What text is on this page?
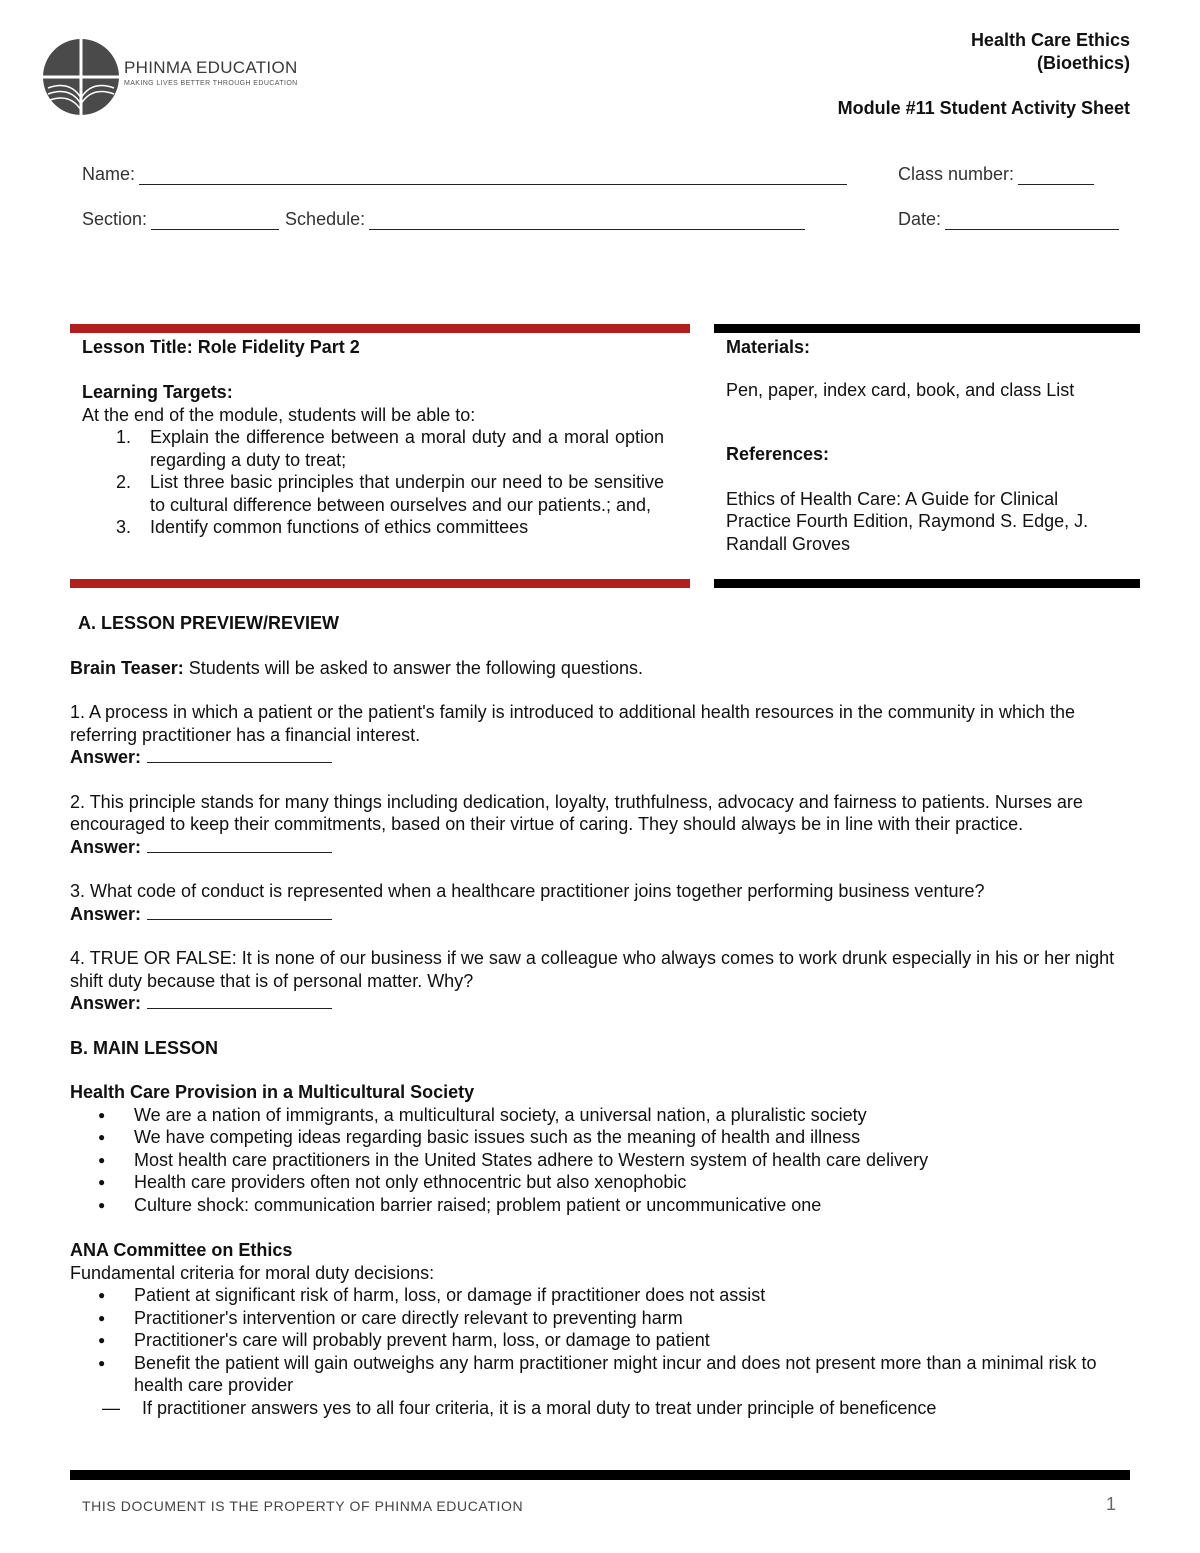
PHINMA EDUCATION
MAKING LIVES BETTER THROUGH EDUCATION
Health Care Ethics
(Bioethics)
Module #11 Student Activity Sheet
Name:	Class number:
Section:	Schedule:	Date:
Lesson Title: Role Fidelity Part 2
Learning Targets:
At the end of the module, students will be able to:
1.	Explain the difference between a moral duty and a moral option regarding a duty to treat;
2.	List three basic principles that underpin our need to be sensitive to cultural difference between ourselves and our patients.; and,
3.	Identify common functions of ethics committees
Materials:
Pen, paper, index card, book, and class List
References:
Ethics of Health Care: A Guide for Clinical Practice Fourth Edition, Raymond S. Edge, J. Randall Groves
A. LESSON PREVIEW/REVIEW
Brain Teaser: Students will be asked to answer the following questions.
1. A process in which a patient or the patient's family is introduced to additional health resources in the community in which the referring practitioner has a financial interest.
Answer:
2. This principle stands for many things including dedication, loyalty, truthfulness, advocacy and fairness to patients. Nurses are encouraged to keep their commitments, based on their virtue of caring. They should always be in line with their practice.
Answer:
3. What code of conduct is represented when a healthcare practitioner joins together performing business venture?
Answer:
4. TRUE OR FALSE: It is none of our business if we saw a colleague who always comes to work drunk especially in his or her night shift duty because that is of personal matter. Why?
Answer:
B. MAIN LESSON
Health Care Provision in a Multicultural Society
●	We are a nation of immigrants, a multicultural society, a universal nation, a pluralistic society
●	We have competing ideas regarding basic issues such as the meaning of health and illness
●	Most health care practitioners in the United States adhere to Western system of health care delivery
●	Health care providers often not only ethnocentric but also xenophobic
●	Culture shock: communication barrier raised; problem patient or uncommunicative one
ANA Committee on Ethics
Fundamental criteria for moral duty decisions:
●	Patient at significant risk of harm, loss, or damage if practitioner does not assist
●	Practitioner's intervention or care directly relevant to preventing harm
●	Practitioner's care will probably prevent harm, loss, or damage to patient
●	Benefit the patient will gain outweighs any harm practitioner might incur and does not present more than a minimal risk to health care provider
—	If practitioner answers yes to all four criteria, it is a moral duty to treat under principle of beneficence
THIS DOCUMENT IS THE PROPERTY OF PHINMA EDUCATION	1
